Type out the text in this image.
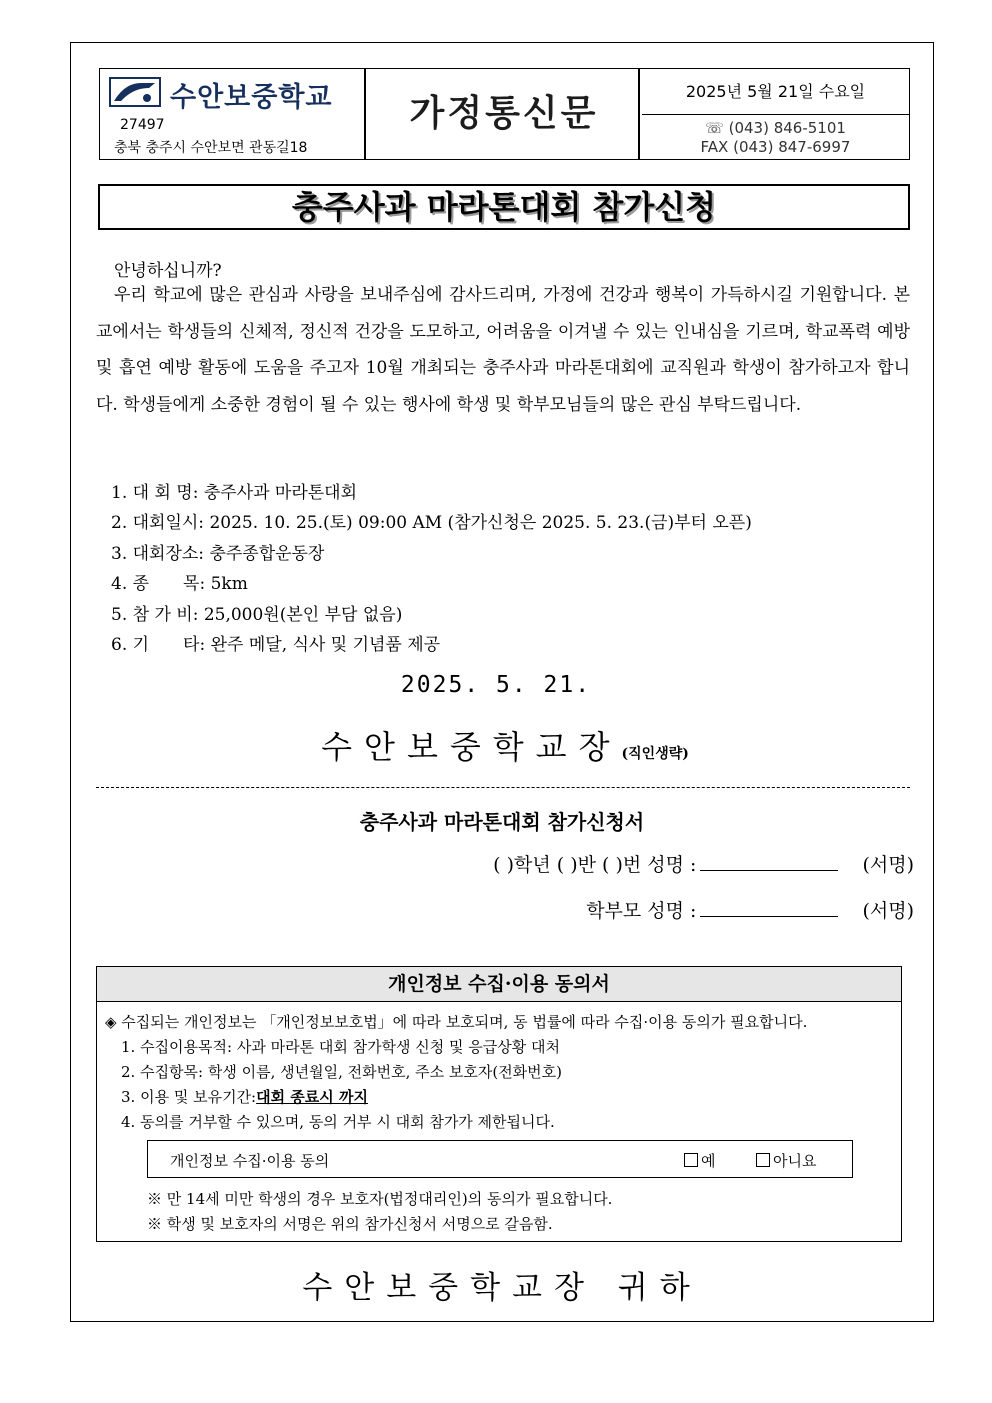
수안보중학교
27497
충북 충주시 수안보면 관동길18
가정통신문
2025년 5월 21일 수요일
☏ (043) 846-5101
FAX (043) 847-6997
충주사과 마라톤대회 참가신청
안녕하십니까?

우리 학교에 많은 관심과 사랑을 보내주심에 감사드리며, 가정에 건강과 행복이 가득하시길 기원합니다. 본교에서는 학생들의 신체적, 정신적 건강을 도모하고, 어려움을 이겨낼 수 있는 인내심을 기르며, 학교폭력 예방 및 흡연 예방 활동에 도움을 주고자 10월 개최되는 충주사과 마라톤대회에 교직원과 학생이 참가하고자 합니다. 학생들에게 소중한 경험이 될 수 있는 행사에 학생 및 학부모님들의 많은 관심 부탁드립니다.

1. 대 회 명: 충주사과 마라톤대회
2. 대회일시: 2025. 10. 25.(토) 09:00 AM (참가신청은 2025. 5. 23.(금)부터 오픈)
3. 대회장소: 충주종합운동장
4. 종　　목: 5km
5. 참 가 비: 25,000원(본인 부담 없음)
6. 기　　타: 완주 메달, 식사 및 기념품 제공
2025. 5. 21.
수안보중학교장(직인생략)
충주사과 마라톤대회 참가신청서
( )학년 ( )반 ( )번 성명 :	(서명)
학부모 성명 :	(서명)
개인정보 수집·이용 동의서
◈ 수집되는 개인정보는 「개인정보보호법」에 따라 보호되며, 동 법률에 따라 수집·이용 동의가 필요합니다.
1. 수집이용목적: 사과 마라톤 대회 참가학생 신청 및 응급상황 대처
2. 수집항목: 학생 이름, 생년월일, 전화번호, 주소 보호자(전화번호)
3. 이용 및 보유기간:대회 종료시 까지
4. 동의를 거부할 수 있으며, 동의 거부 시 대회 참가가 제한됩니다.
개인정보 수집·이용 동의	예	아니요
※ 만 14세 미만 학생의 경우 보호자(법정대리인)의 동의가 필요합니다.
※ 학생 및 보호자의 서명은 위의 참가신청서 서명으로 갈음함.
수안보중학교장 귀하
